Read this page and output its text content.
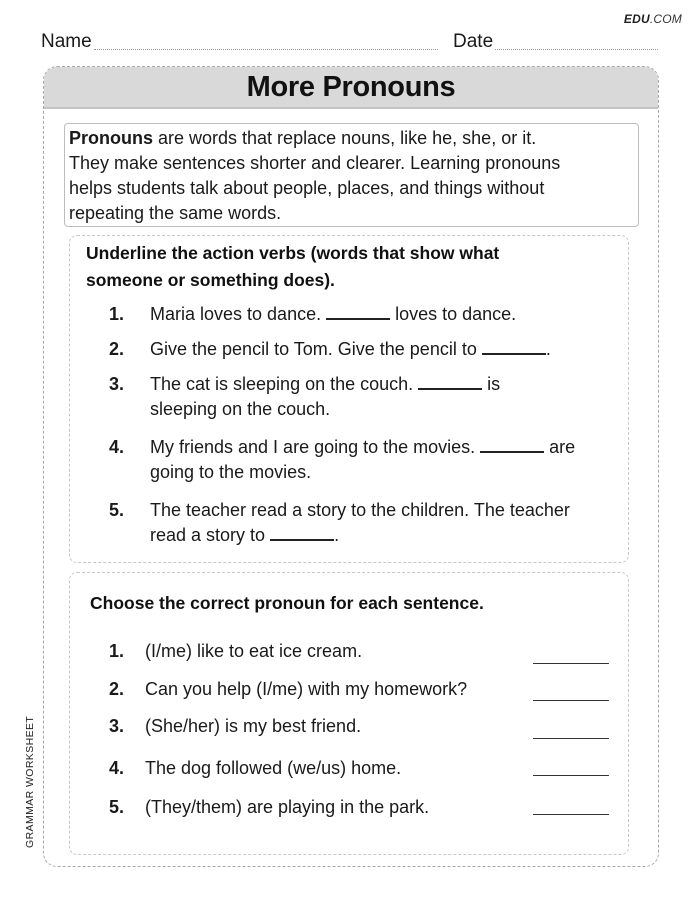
EDU.COM
Name	Date
More Pronouns
Pronouns are words that replace nouns, like he, she, or it.
They make sentences shorter and clearer. Learning pronouns
helps students talk about people, places, and things without
repeating the same words.
Underline the action verbs (words that show what someone or something does).
1.	Maria loves to dance.	loves to dance.
2.	Give the pencil to Tom. Give the pencil to	.
3.	The cat is sleeping on the couch.	is sleeping on the couch.
4.	My friends and I are going to the movies.	are going to the movies.
5.	The teacher read a story to the children. The teacher read a story to	.
Choose the correct pronoun for each sentence.
1.	(I/me) like to eat ice cream.
2.	Can you help (I/me) with my homework?
3.	(She/her) is my best friend.
4.	The dog followed (we/us) home.
5.	(They/them) are playing in the park.
GRAMMAR WORKSHEET
